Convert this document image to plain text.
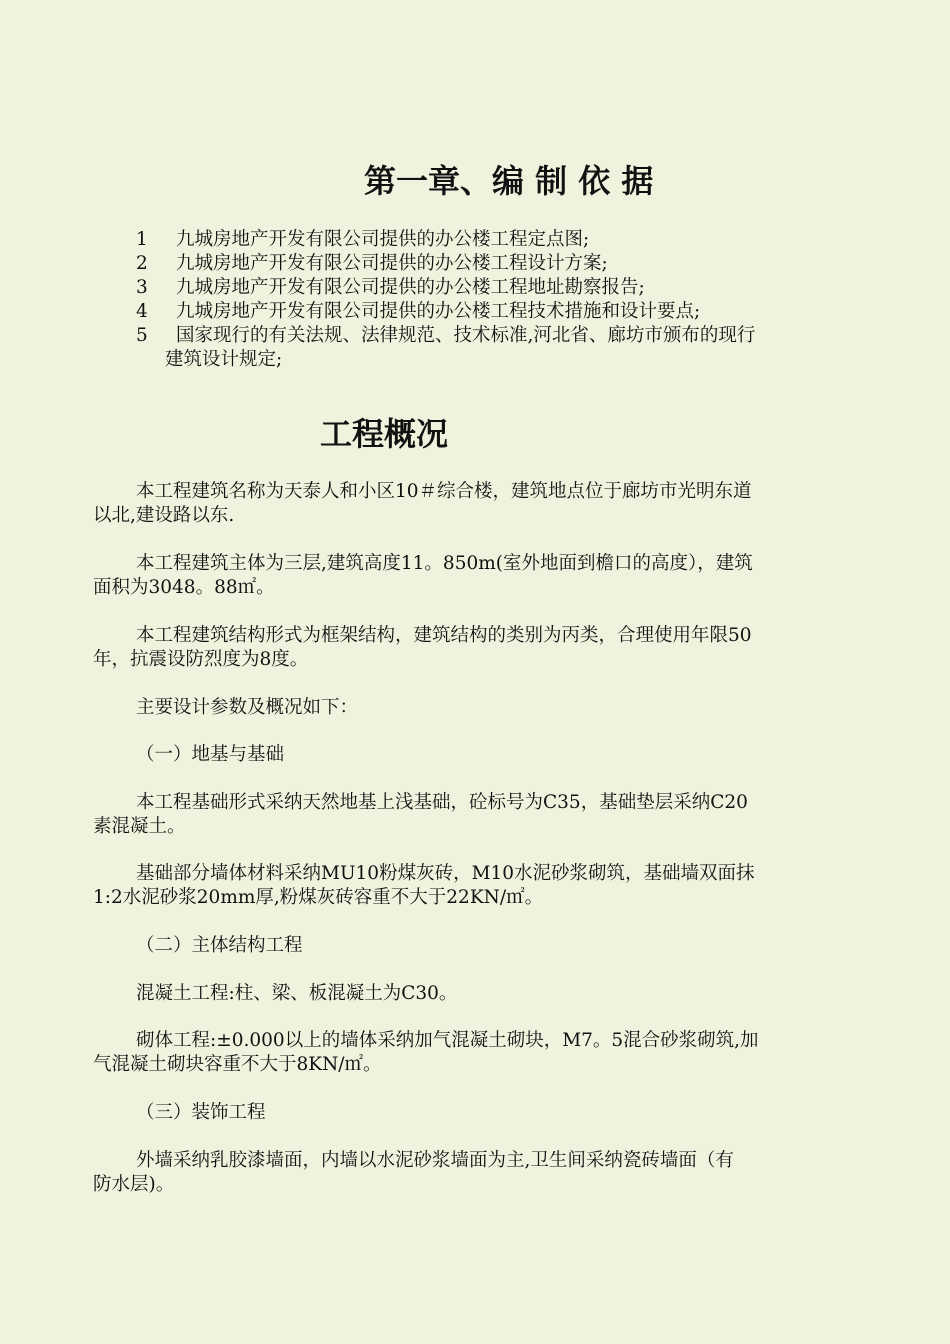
第一章、编 制 依 据
1	九城房地产开发有限公司提供的办公楼工程定点图;
2	九城房地产开发有限公司提供的办公楼工程设计方案;
3	九城房地产开发有限公司提供的办公楼工程地址勘察报告;
4	九城房地产开发有限公司提供的办公楼工程技术措施和设计要点;
5	国家现行的有关法规、法律规范、技术标准,河北省、廊坊市颁布的现行
建筑设计规定;
工程概况
本工程建筑名称为天泰人和小区10＃综合楼，建筑地点位于廊坊市光明东道
以北,建设路以东.
本工程建筑主体为三层,建筑高度11。850m(室外地面到檐口的高度），建筑
面积为3048。88㎡。
本工程建筑结构形式为框架结构，建筑结构的类别为丙类，合理使用年限50
年，抗震设防烈度为8度。
主要设计参数及概况如下：
（一）地基与基础
本工程基础形式采纳天然地基上浅基础，砼标号为C35，基础垫层采纳C20
素混凝土。
基础部分墙体材料采纳MU10粉煤灰砖，M10水泥砂浆砌筑，基础墙双面抹
1:2水泥砂浆20mm厚,粉煤灰砖容重不大于22KN/㎡。
（二）主体结构工程
混凝土工程:柱、梁、板混凝土为C30。
砌体工程:±0.000以上的墙体采纳加气混凝土砌块，M7。5混合砂浆砌筑,加
气混凝土砌块容重不大于8KN/㎡。
（三）装饰工程
外墙采纳乳胶漆墙面，内墙以水泥砂浆墙面为主,卫生间采纳瓷砖墙面（有
防水层)。
